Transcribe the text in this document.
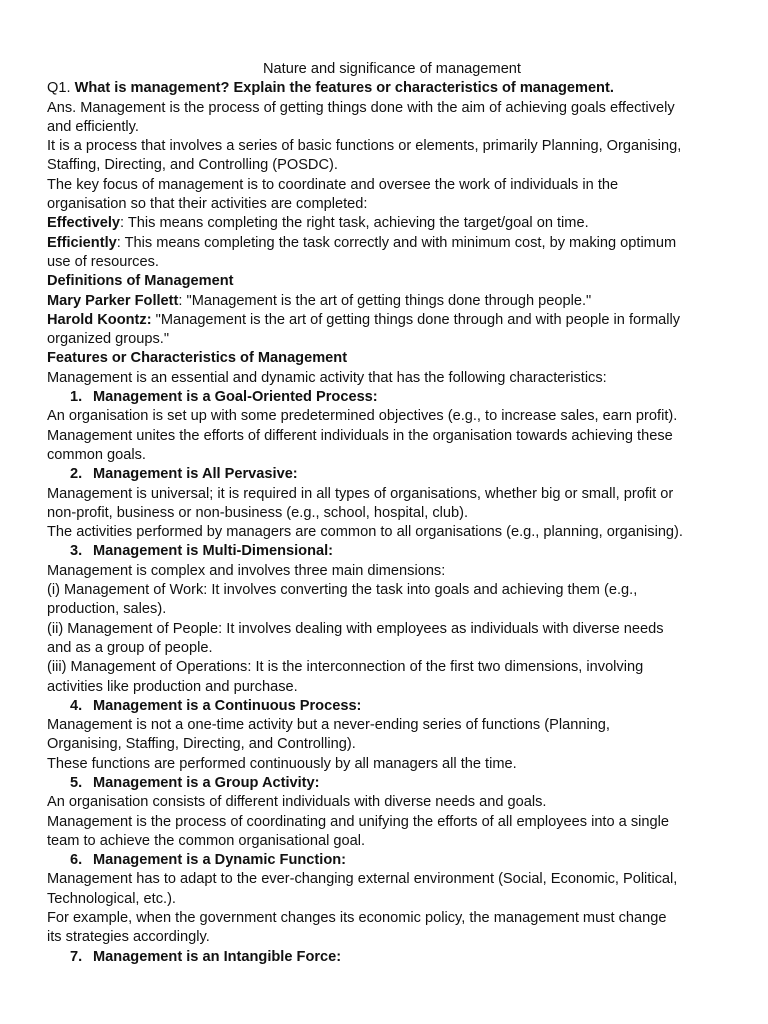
Nature and significance of management
Q1. What is management? Explain the features or characteristics of management.
Ans. Management is the process of getting things done with the aim of achieving goals effectively
and efficiently.
It is a process that involves a series of basic functions or elements, primarily Planning, Organising,
Staffing, Directing, and Controlling (POSDC).
The key focus of management is to coordinate and oversee the work of individuals in the
organisation so that their activities are completed:
Effectively: This means completing the right task, achieving the target/goal on time.
Efficiently: This means completing the task correctly and with minimum cost, by making optimum
use of resources.
Definitions of Management
Mary Parker Follett: "Management is the art of getting things done through people."
Harold Koontz: "Management is the art of getting things done through and with people in formally
organized groups."
Features or Characteristics of Management
Management is an essential and dynamic activity that has the following characteristics:
1. Management is a Goal-Oriented Process:
An organisation is set up with some predetermined objectives (e.g., to increase sales, earn profit).
Management unites the efforts of different individuals in the organisation towards achieving these
common goals.
2. Management is All Pervasive:
Management is universal; it is required in all types of organisations, whether big or small, profit or
non-profit, business or non-business (e.g., school, hospital, club).
The activities performed by managers are common to all organisations (e.g., planning, organising).
3. Management is Multi-Dimensional:
Management is complex and involves three main dimensions:
(i) Management of Work: It involves converting the task into goals and achieving them (e.g.,
production, sales).
(ii) Management of People: It involves dealing with employees as individuals with diverse needs
and as a group of people.
(iii) Management of Operations: It is the interconnection of the first two dimensions, involving
activities like production and purchase.
4. Management is a Continuous Process:
Management is not a one-time activity but a never-ending series of functions (Planning,
Organising, Staffing, Directing, and Controlling).
These functions are performed continuously by all managers all the time.
5. Management is a Group Activity:
An organisation consists of different individuals with diverse needs and goals.
Management is the process of coordinating and unifying the efforts of all employees into a single
team to achieve the common organisational goal.
6. Management is a Dynamic Function:
Management has to adapt to the ever-changing external environment (Social, Economic, Political,
Technological, etc.).
For example, when the government changes its economic policy, the management must change
its strategies accordingly.
7. Management is an Intangible Force:
